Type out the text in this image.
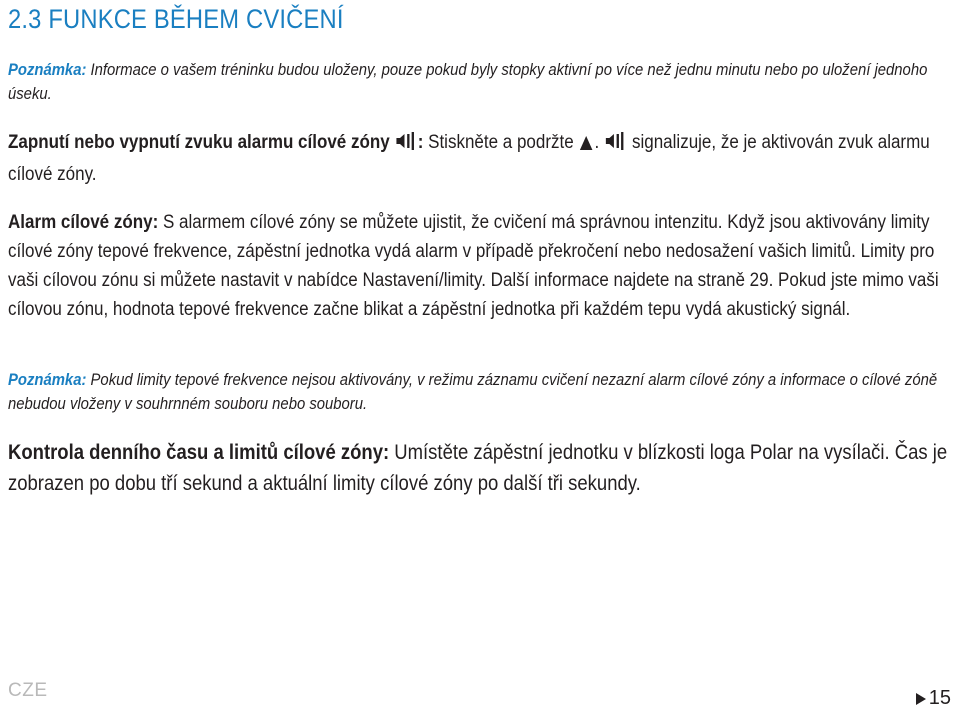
2.3 FUNKCE BĚHEM CVIČENÍ
Poznámka: Informace o vašem tréninku budou uloženy, pouze pokud byly stopky aktivní po více než jednu minutu nebo po uložení jednoho úseku.
Zapnutí nebo vypnutí zvuku alarmu cílové zóny : Stiskněte a podržte .  signalizuje, že je aktivován zvuk alarmu cílové zóny.
Alarm cílové zóny: S alarmem cílové zóny se můžete ujistit, že cvičení má správnou intenzitu. Když jsou aktivovány limity cílové zóny tepové frekvence, zápěstní jednotka vydá alarm v případě překročení nebo nedosažení vašich limitů. Limity pro vaši cílovou zónu si můžete nastavit v nabídce Nastavení/limity. Další informace najdete na straně 29. Pokud jste mimo vaši cílovou zónu, hodnota tepové frekvence začne blikat a zápěstní jednotka při každém tepu vydá akustický signál.
Poznámka: Pokud limity tepové frekvence nejsou aktivovány, v režimu záznamu cvičení nezazní alarm cílové zóny a informace o cílové zóně nebudou vloženy v souhrnném souboru nebo souboru.
Kontrola denního času a limitů cílové zóny: Umístěte zápěstní jednotku v blízkosti loga Polar na vysílači. Čas je zobrazen po dobu tří sekund a aktuální limity cílové zóny po další tři sekundy.
CZE	15
